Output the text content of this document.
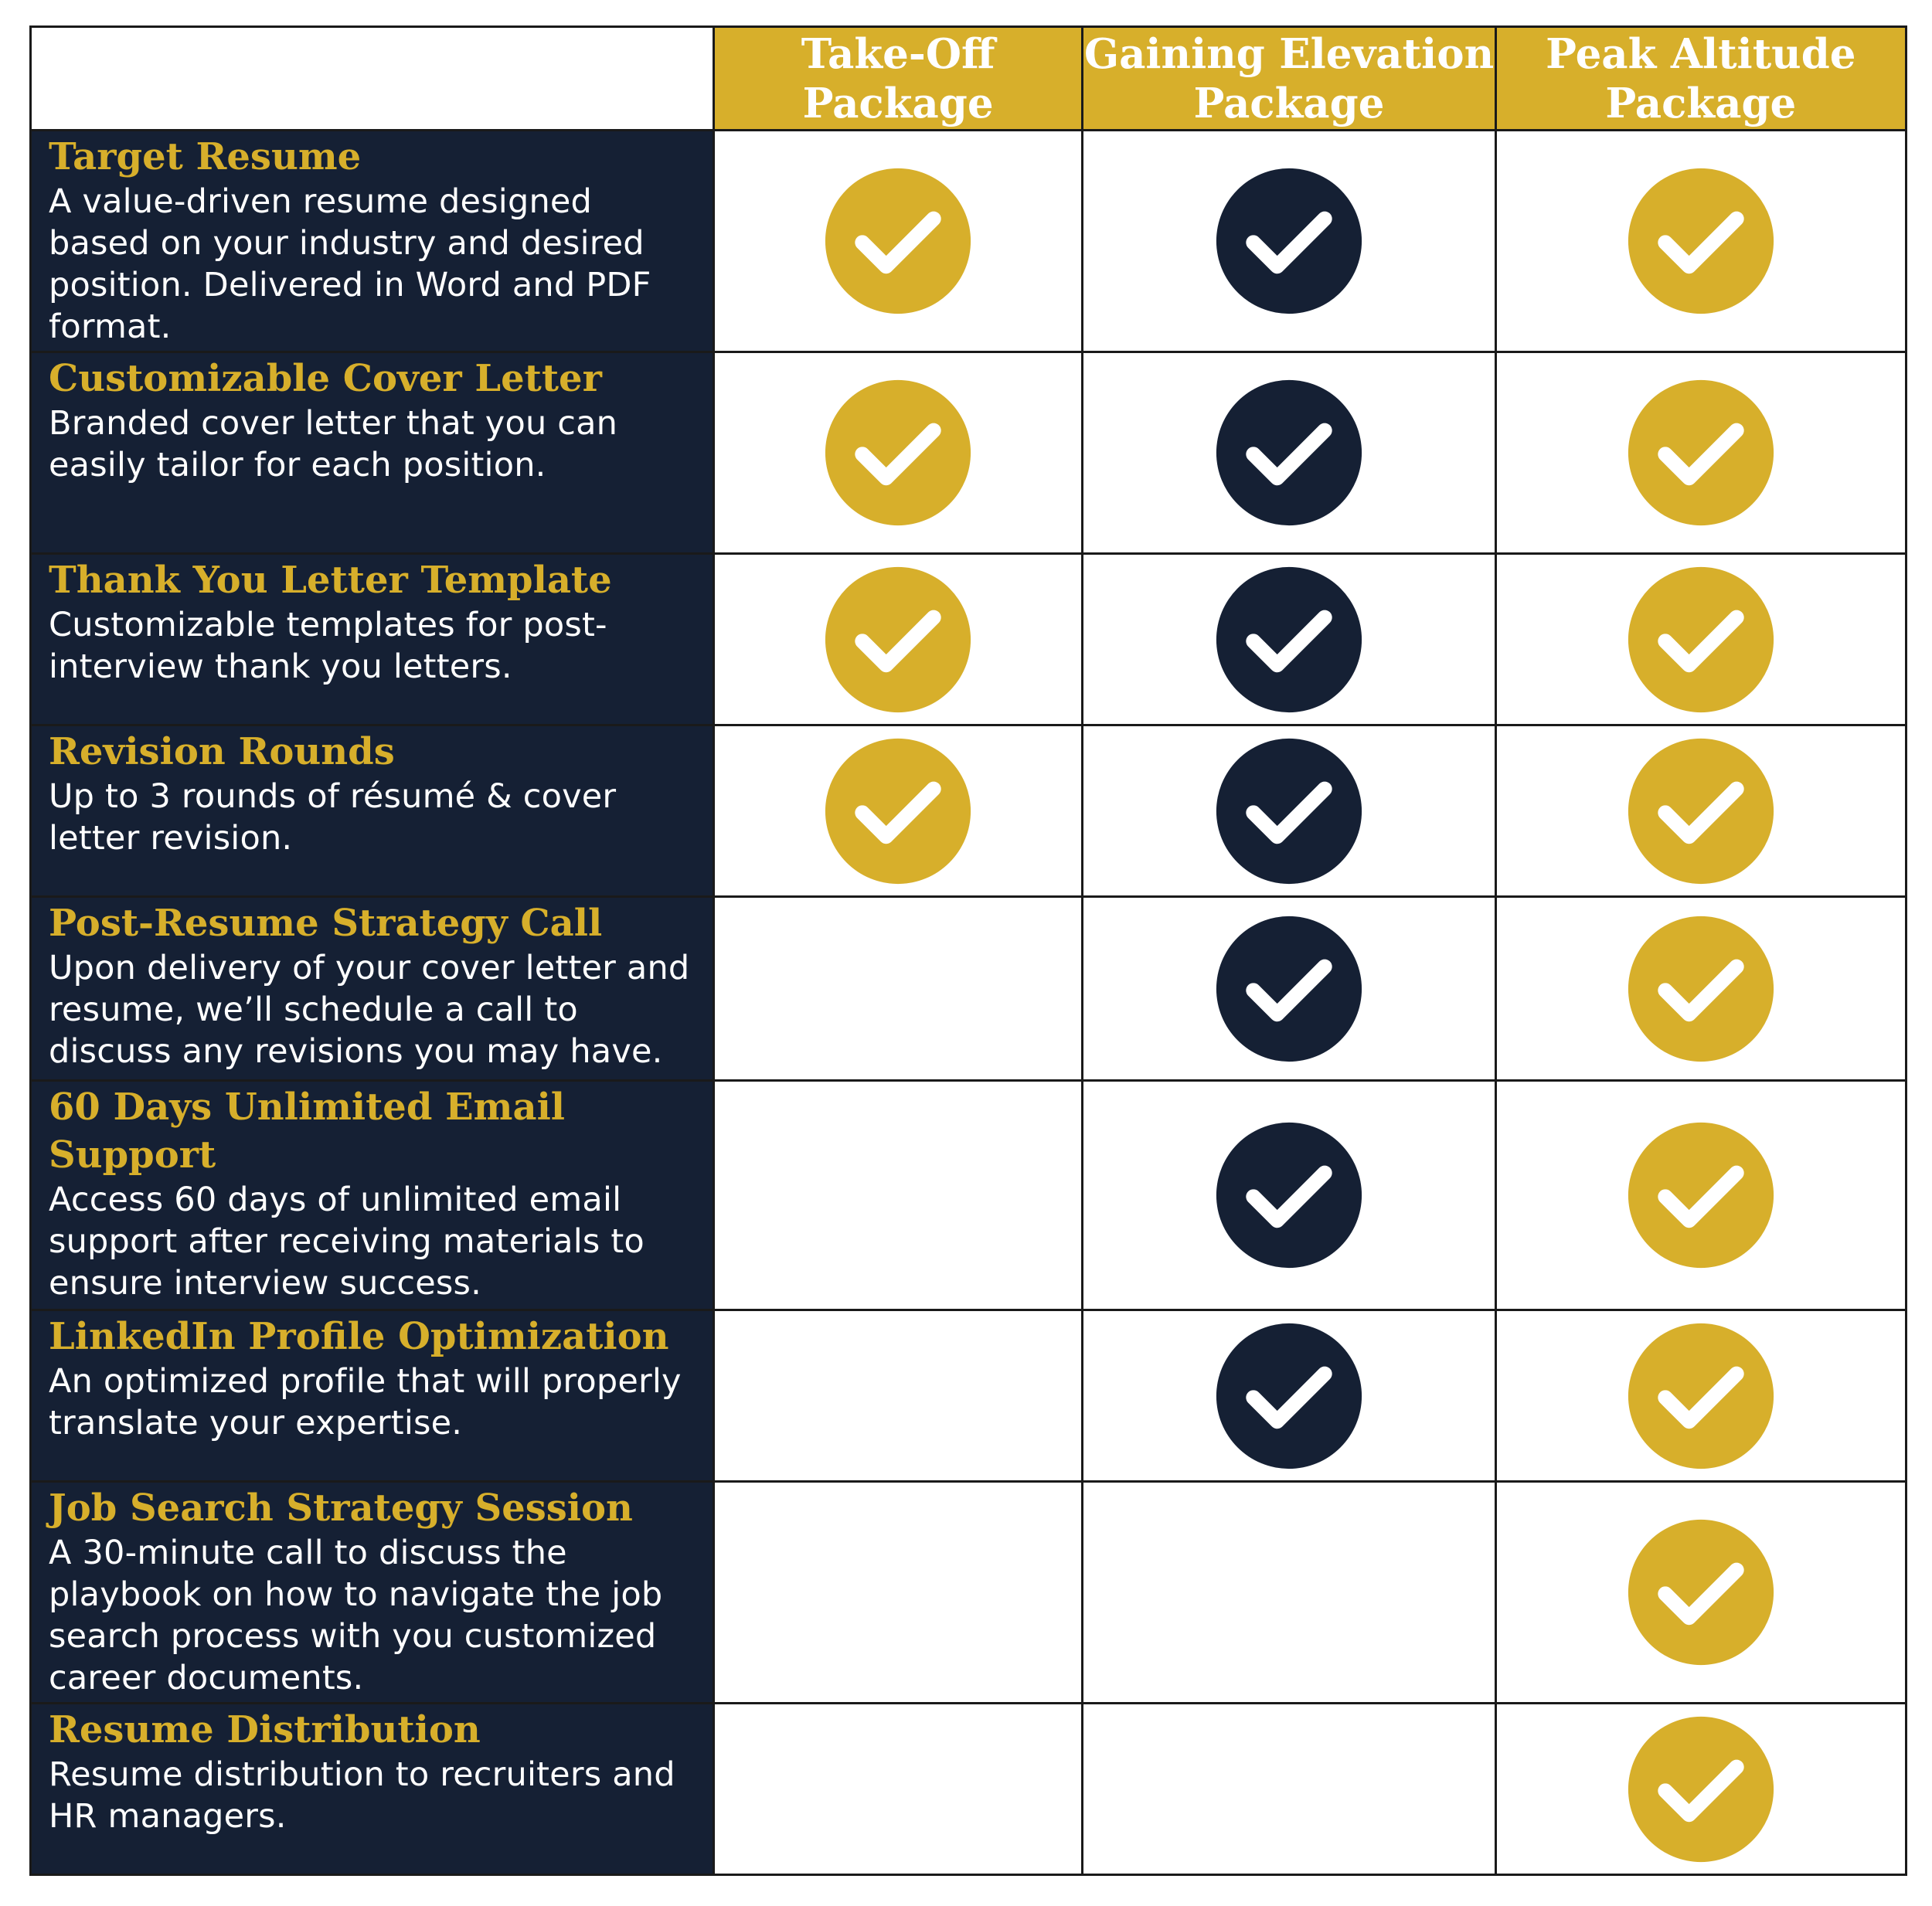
Take-Off
Package
Gaining Elevation
Package
Peak Altitude
Package
Target Resume
A value-driven resume designed based on your industry and desired position. Delivered in Word and PDF format.
Customizable Cover Letter
Branded cover letter that you can easily tailor for each position.
Thank You Letter Template
Customizable templates for post-interview thank you letters.
Revision Rounds
Up to 3 rounds of résumé & cover letter revision.
Post-Resume Strategy Call
Upon delivery of your cover letter and resume, we’ll schedule a call to discuss any revisions you may have.
60 Days Unlimited Email Support
Access 60 days of unlimited email support after receiving materials to ensure interview success.
LinkedIn Profile Optimization
An optimized profile that will properly translate your expertise.
Job Search Strategy Session
A 30-minute call to discuss the playbook on how to navigate the job search process with you customized career documents.
Resume Distribution
Resume distribution to recruiters and HR managers.
